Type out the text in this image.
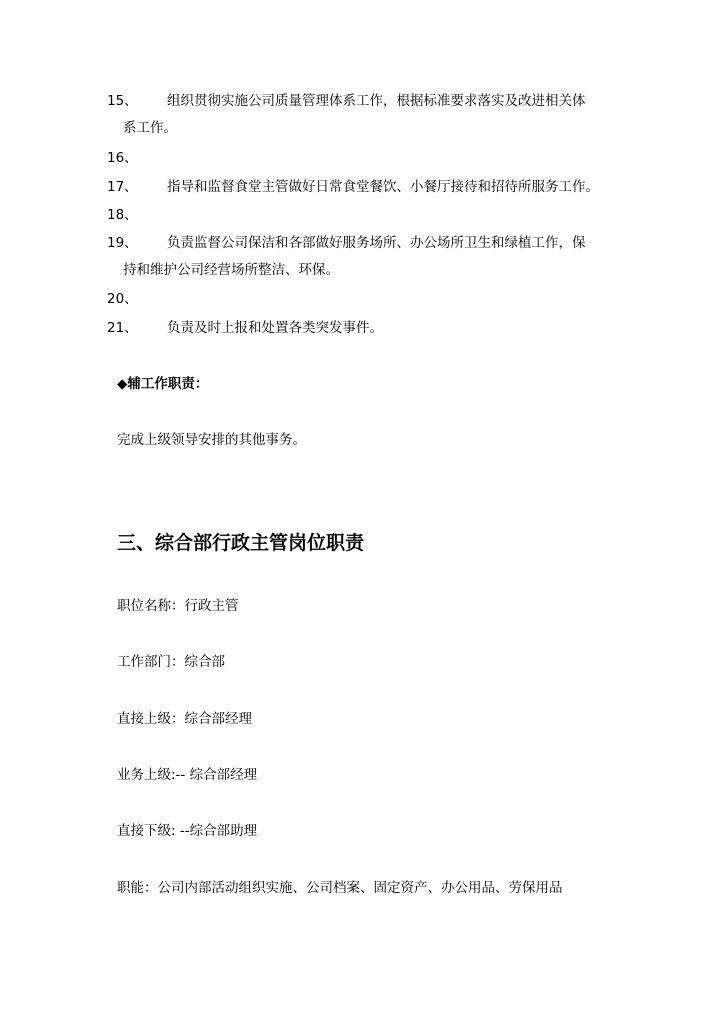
15、	组织贯彻实施公司质量管理体系工作，根据标准要求落实及改进相关体
系工作。
16、
17、	指导和监督食堂主管做好日常食堂餐饮、小餐厅接待和招待所服务工作。
18、
19、	负责监督公司保洁和各部做好服务场所、办公场所卫生和绿植工作，保
持和维护公司经营场所整洁、环保。
20、
21、	负责及时上报和处置各类突发事件。
◆辅工作职责：
完成上级领导安排的其他事务。
三、综合部行政主管岗位职责
职位名称：行政主管
工作部门：综合部
直接上级：综合部经理
业务上级:-- 综合部经理
直接下级: --综合部助理
职能：公司内部活动组织实施、公司档案、固定资产、办公用品、劳保用品
